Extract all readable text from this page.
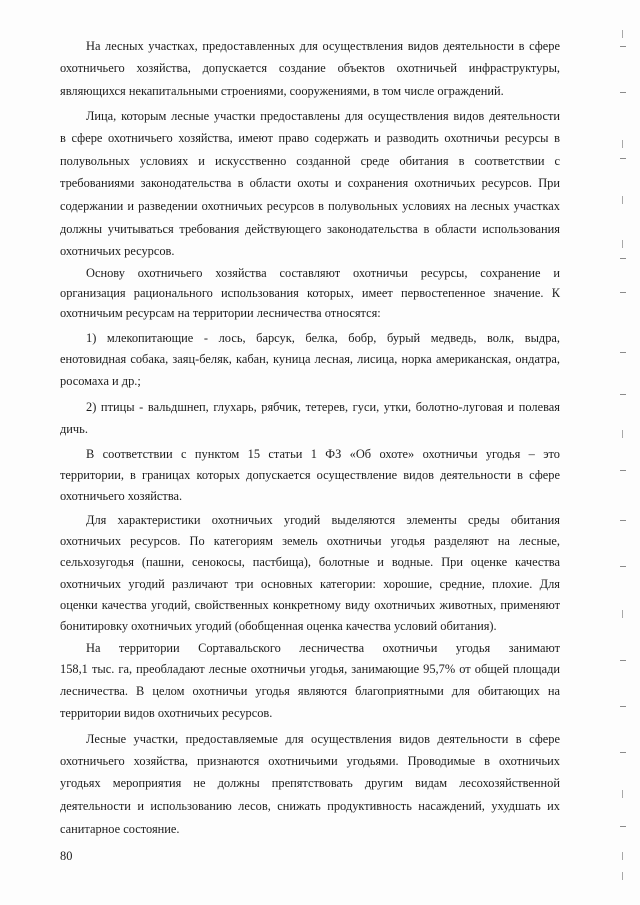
На лесных участках, предоставленных для осуществления видов деятельности в сфере
охотничьего хозяйства, допускается создание объектов охотничьей инфраструктуры,
являющихся некапитальными строениями, сооружениями, в том числе ограждений.
Лица, которым лесные участки предоставлены для осуществления видов деятельности
в сфере охотничьего хозяйства, имеют право содержать и разводить охотничьи ресурсы в
полувольных условиях и искусственно созданной среде обитания в соответствии с
требованиями законодательства в области охоты и сохранения охотничьих ресурсов. При
содержании и разведении охотничьих ресурсов в полувольных условиях на лесных участках
должны учитываться требования действующего законодательства в области использования
охотничьих ресурсов.
Основу охотничьего хозяйства составляют охотничьи ресурсы, сохранение и
организация рационального использования которых, имеет первостепенное значение. К
охотничьим ресурсам на территории лесничества относятся:
1) млекопитающие - лось, барсук, белка, бобр, бурый медведь, волк, выдра,
енотовидная собака, заяц-беляк, кабан, куница лесная, лисица, норка американская, ондатра,
росомаха и др.;
2) птицы - вальдшнеп, глухарь, рябчик, тетерев, гуси, утки, болотно-луговая и полевая
дичь.
В соответствии с пунктом 15 статьи 1 ФЗ «Об охоте» охотничьи угодья – это
территории, в границах которых допускается осуществление видов деятельности в сфере
охотничьего хозяйства.
Для характеристики охотничьих угодий выделяются элементы среды обитания
охотничьих ресурсов. По категориям земель охотничьи угодья разделяют на лесные,
сельхозугодья (пашни, сенокосы, пастбища), болотные и водные. При оценке качества
охотничьих угодий различают три основных категории: хорошие, средние, плохие. Для
оценки качества угодий, свойственных конкретному виду охотничьих животных, применяют
бонитировку охотничьих угодий (обобщенная оценка качества условий обитания).
На территории Сортавальского лесничества охотничьи угодья занимают
158,1 тыс. га, преобладают лесные охотничьи угодья, занимающие 95,7% от общей площади
лесничества. В целом охотничьи угодья являются благоприятными для обитающих на
территории видов охотничьих ресурсов.
Лесные участки, предоставляемые для осуществления видов деятельности в сфере
охотничьего хозяйства, признаются охотничьими угодьями. Проводимые в охотничьих
угодьях мероприятия не должны препятствовать другим видам лесохозяйственной
деятельности и использованию лесов, снижать продуктивность насаждений, ухудшать их
санитарное состояние.
80
